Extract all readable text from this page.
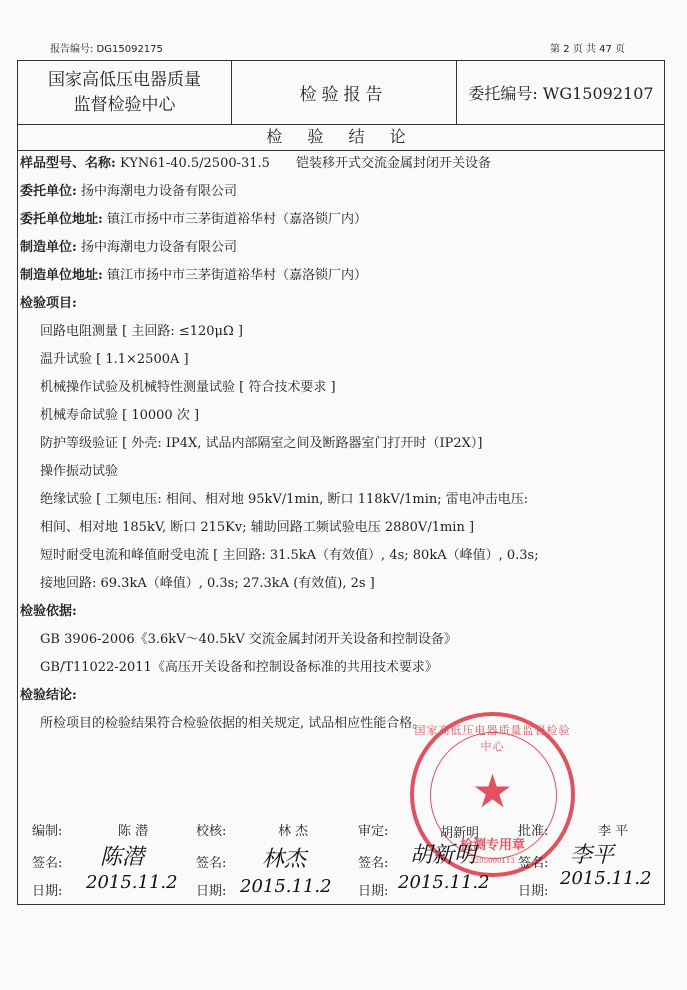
报告编号: DG15092175	第 2 页 共 47 页
国家高低压电器质量
监督检验中心	检验报告	委托编号: WG15092107
检 验 结 论
样品型号、名称: KYN61-40.5/2500-31.5　　铠装移开式交流金属封闭开关设备
委托单位: 扬中海潮电力设备有限公司
委托单位地址: 镇江市扬中市三茅街道裕华村（嘉洛锁厂内）
制造单位: 扬中海潮电力设备有限公司
制造单位地址: 镇江市扬中市三茅街道裕华村（嘉洛锁厂内）
检验项目:
回路电阻测量 [ 主回路: ≤120μΩ ]
温升试验 [ 1.1×2500A ]
机械操作试验及机械特性测量试验 [ 符合技术要求 ]
机械寿命试验 [ 10000 次 ]
防护等级验证 [ 外壳: IP4X, 试品内部隔室之间及断路器室门打开时（IP2X）]
操作振动试验
绝缘试验 [ 工频电压: 相间、相对地 95kV/1min, 断口 118kV/1min; 雷电冲击电压:
相间、相对地 185kV, 断口 215Kv; 辅助回路工频试验电压 2880V/1min ]
短时耐受电流和峰值耐受电流 [ 主回路: 31.5kA（有效值）, 4s; 80kA（峰值）, 0.3s;
接地回路: 69.3kA（峰值）, 0.3s; 27.3kA (有效值), 2s ]
检验依据:
GB 3906-2006《3.6kV～40.5kV 交流金属封闭开关设备和控制设备》
GB/T11022-2011《高压开关设备和控制设备标准的共用技术要求》
检验结论:
所检项目的检验结果符合检验依据的相关规定, 试品相应性能合格。
国家高低压电器质量监督检验中心
★
检测专用章
3205000113
编制:	陈 潜	校核:	林 杰	审定:	胡新明	批准:	李 平
签名: 陈潜	签名: 林杰	签名: 胡新明	签名: 李平
日期: 2015.11.2 日期: 2015.11.2 日期: 2015.11.2 日期:
2015.11.2
